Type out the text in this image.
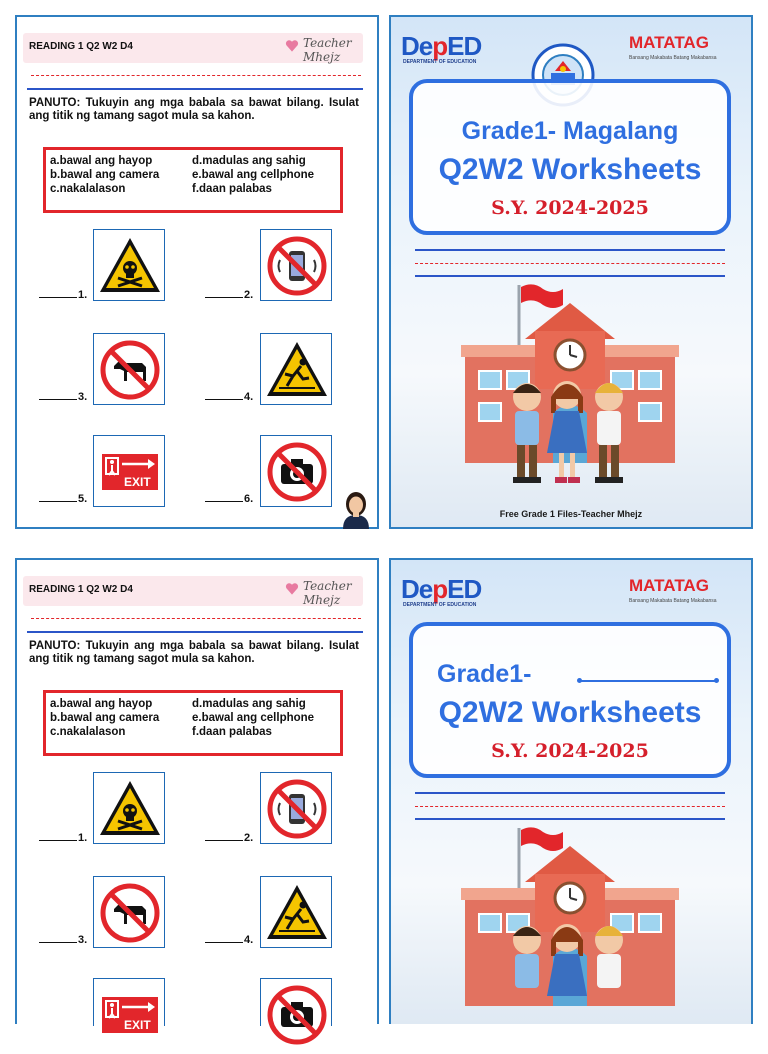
READING 1 Q2 W2 D4	Teacher Mhejz
PANUTO: Tukuyin ang mga babala sa bawat bilang. Isulat ang titik ng tamang sagot mula sa kahon.
a.bawal ang hayop
b.bawal ang camera
c.nakalalason
d.madulas ang sahig
e.bawal ang cellphone
f.daan palabas
1.	2.
3.	4.
EXIT
5.	6.
DepED
DEPARTMENT OF EDUCATION
MATATAG
Bansang Makabata Batang Makabansa
Grade1- Magalang
Q2W2 Worksheets
S.Y. 2024-2025
Free Grade 1 Files-Teacher Mhejz
READING 1 Q2 W2 D4	Teacher Mhejz
PANUTO: Tukuyin ang mga babala sa bawat bilang. Isulat ang titik ng tamang sagot mula sa kahon.
a.bawal ang hayop
b.bawal ang camera
c.nakalalason
d.madulas ang sahig
e.bawal ang cellphone
f.daan palabas
1.	2.
3.	4.
EXIT
DepED
DEPARTMENT OF EDUCATION
MATATAG
Bansang Makabata Batang Makabansa
Grade1-
Q2W2 Worksheets
S.Y. 2024-2025
